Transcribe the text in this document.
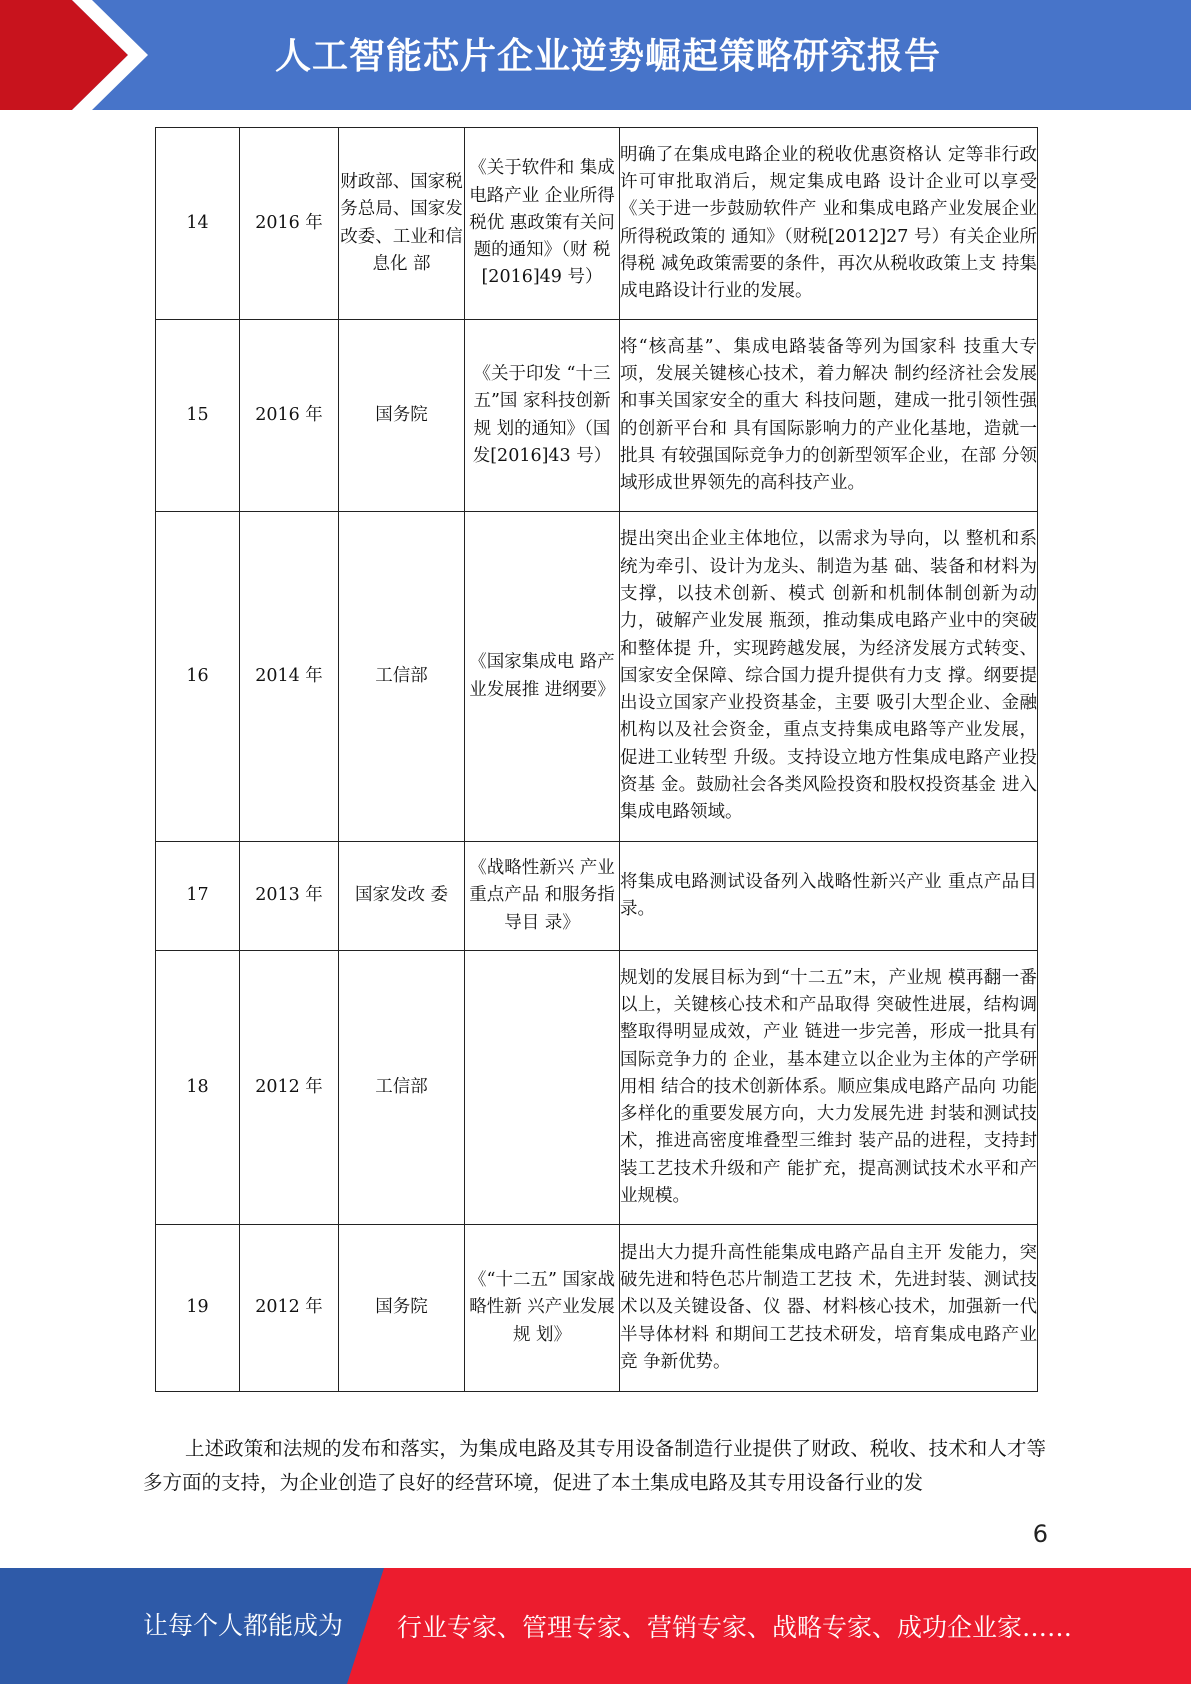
人工智能芯片企业逆势崛起策略研究报告
14	2016 年	财政部、国家税务总局、国家发改委、工业和信息化 部	《关于软件和 集成电路产业 企业所得税优 惠政策有关问 题的通知》（财 税[2016]49 号）	明确了在集成电路企业的税收优惠资格认 定等非行政许可审批取消后，规定集成电路 设计企业可以享受《关于进一步鼓励软件产 业和集成电路产业发展企业所得税政策的 通知》（财税[2012]27 号）有关企业所得税 减免政策需要的条件，再次从税收政策上支 持集成电路设计行业的发展。
15	2016 年	国务院	《关于印发 “十三五”国 家科技创新规 划的通知》（国 发[2016]43 号）	将“核高基”、集成电路装备等列为国家科 技重大专项，发展关键核心技术，着力解决 制约经济社会发展和事关国家安全的重大 科技问题，建成一批引领性强的创新平台和 具有国际影响力的产业化基地，造就一批具 有较强国际竞争力的创新型领军企业，在部 分领域形成世界领先的高科技产业。
16	2014 年	工信部	《国家集成电 路产业发展推 进纲要》	提出突出企业主体地位，以需求为导向，以 整机和系统为牵引、设计为龙头、制造为基 础、装备和材料为支撑，以技术创新、模式 创新和机制体制创新为动力，破解产业发展 瓶颈，推动集成电路产业中的突破和整体提 升，实现跨越发展，为经济发展方式转变、 国家安全保障、综合国力提升提供有力支 撑。纲要提出设立国家产业投资基金，主要 吸引大型企业、金融机构以及社会资金，重点支持集成电路等产业发展，促进工业转型 升级。支持设立地方性集成电路产业投资基 金。鼓励社会各类风险投资和股权投资基金 进入集成电路领域。
17	2013 年	国家发改 委	《战略性新兴 产业重点产品 和服务指导目 录》	将集成电路测试设备列入战略性新兴产业 重点产品目录。
18	2012 年	工信部		规划的发展目标为到“十二五”末，产业规 模再翻一番以上，关键核心技术和产品取得 突破性进展，结构调整取得明显成效，产业 链进一步完善，形成一批具有国际竞争力的 企业，基本建立以企业为主体的产学研用相 结合的技术创新体系。顺应集成电路产品向 功能多样化的重要发展方向，大力发展先进 封装和测试技术，推进高密度堆叠型三维封 装产品的进程，支持封装工艺技术升级和产 能扩充，提高测试技术水平和产业规模。
19	2012 年	国务院	《“十二五” 国家战略性新 兴产业发展规 划》	提出大力提升高性能集成电路产品自主开 发能力，突破先进和特色芯片制造工艺技 术，先进封装、测试技术以及关键设备、仪 器、材料核心技术，加强新一代半导体材料 和期间工艺技术研发，培育集成电路产业竞 争新优势。
上述政策和法规的发布和落实，为集成电路及其专用设备制造行业提供了财政、税收、技术和人才等多方面的支持，为企业创造了良好的经营环境，促进了本土集成电路及其专用设备行业的发
6
让每个人都能成为 行业专家、管理专家、营销专家、战略专家、成功企业家……
